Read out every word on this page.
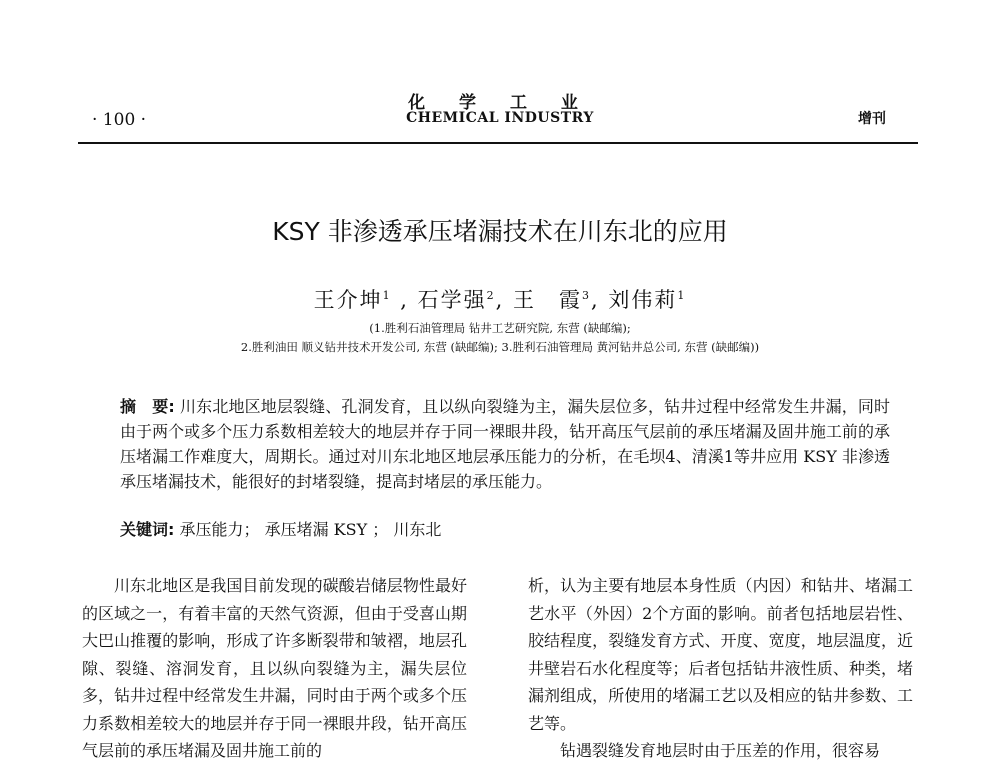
化 学 工 业
CHEMICAL INDUSTRY
· 100 ·	增刊
KSY 非渗透承压堵漏技术在川东北的应用
王介坤$^1$ , 石学强$^2$, 王　霞$^3$, 刘伟莉$^1$
(1.胜利石油管理局 钻井工艺研究院, 东营 (缺邮编);
2.胜利油田 顺义钻井技术开发公司, 东营 (缺邮编); 3.胜利石油管理局 黄河钻井总公司, 东营 (缺邮编))
摘　要: 川东北地区地层裂缝、孔洞发育，且以纵向裂缝为主，漏失层位多，钻井过程中经常发生井漏，同时由于两个或多个压力系数相差较大的地层并存于同一裸眼井段，钻开高压气层前的承压堵漏及固井施工前的承压堵漏工作难度大，周期长。通过对川东北地区地层承压能力的分析，在毛坝4、清溪1等井应用 KSY 非渗透承压堵漏技术，能很好的封堵裂缝，提高封堵层的承压能力。
关键词: 承压能力； 承压堵漏 KSY ； 川东北

川东北地区是我国目前发现的碳酸岩储层物性最好的区域之一，有着丰富的天然气资源，但由于受喜山期大巴山推覆的影响，形成了许多断裂带和皱褶，地层孔隙、裂缝、溶洞发育，且以纵向裂缝为主，漏失层位多，钻井过程中经常发生井漏，同时由于两个或多个压力系数相差较大的地层并存于同一裸眼井段，钻开高压气层前的承压堵漏及固井施工前的

析，认为主要有地层本身性质（内因）和钻井、堵漏工艺水平（外因）2个方面的影响。前者包括地层岩性、胶结程度，裂缝发育方式、开度、宽度，地层温度，近井壁岩石水化程度等；后者包括钻井液性质、种类，堵漏剂组成，所使用的堵漏工艺以及相应的钻井参数、工艺等。

钻遇裂缝发育地层时由于压差的作用，很容易
